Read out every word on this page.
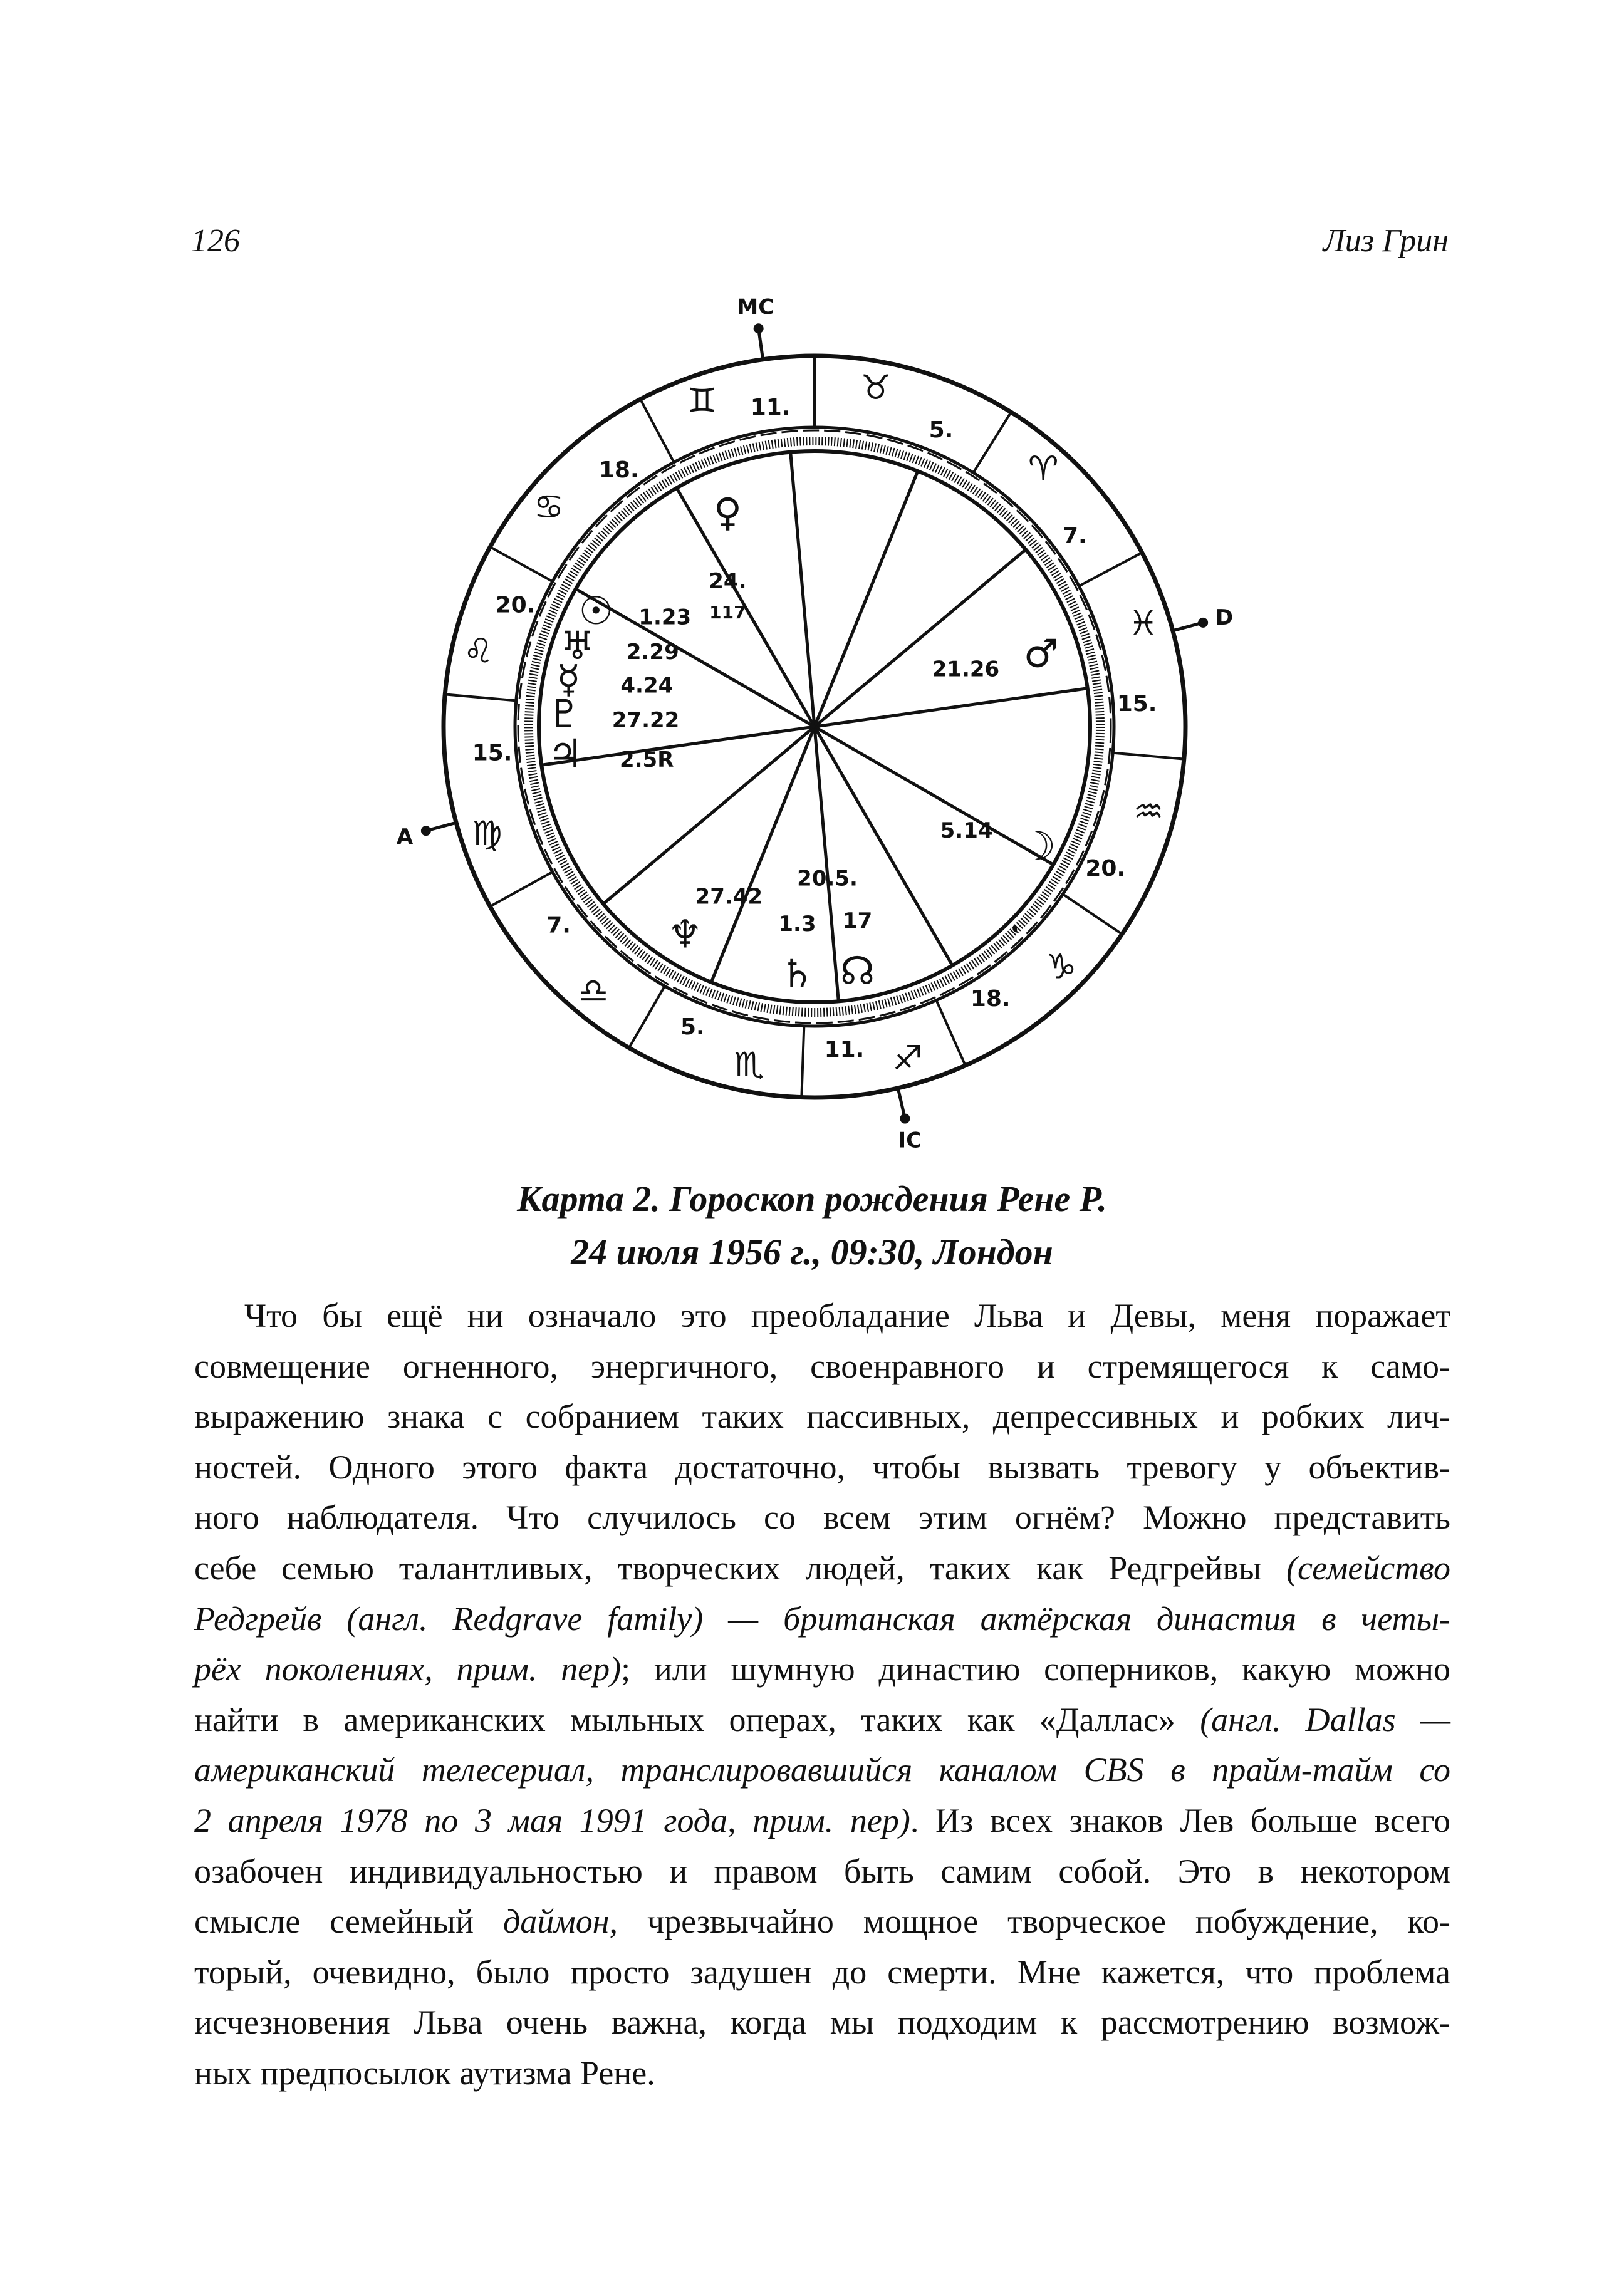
126	Лиз Грин
♍
15.
♎
7.
♏
5.
♐
11.
♑
18.
♒
20.
♓
15.
♈
7.
♉
5.
♊ 11.
♋
18.
♌
20.
MC
IC
A
D
♀
24.
117
☉ 1.23
♅ 2.29
☿ 4.24
♇ 27.22
♃ 2.5R
♆
27.42
♄
1.3
☊
17
20.5.
☽
5.14
♂
21.26
Карта 2. Гороскоп рождения Рене Р.
24 июля 1956 г., 09:30, Лондон
Что бы ещё ни означало это преобладание Льва и Девы, меня поражает
совмещение огненного, энергичного, своенравного и стремящегося к само-
выражению знака с собранием таких пассивных, депрессивных и робких лич-
ностей. Одного этого факта достаточно, чтобы вызвать тревогу у объектив-
ного наблюдателя. Что случилось со всем этим огнём? Можно представить
себе семью талантливых, творческих людей, таких как Редгрейвы (семейство
Редгрейв (англ. Redgrave family) — британская актёрская династия в четы-
рёх поколениях, прим. пер); или шумную династию соперников, какую можно
найти в американских мыльных операх, таких как «Даллас» (англ. Dallas —
американский телесериал, транслировавшийся каналом CBS в прайм-тайм со
2 апреля 1978 по 3 мая 1991 года, прим. пер). Из всех знаков Лев больше всего
озабочен индивидуальностью и правом быть самим собой. Это в некотором
смысле семейный даймон, чрезвычайно мощное творческое побуждение, ко-
торый, очевидно, было просто задушен до смерти. Мне кажется, что проблема
исчезновения Льва очень важна, когда мы подходим к рассмотрению возмож-
ных предпосылок аутизма Рене.
